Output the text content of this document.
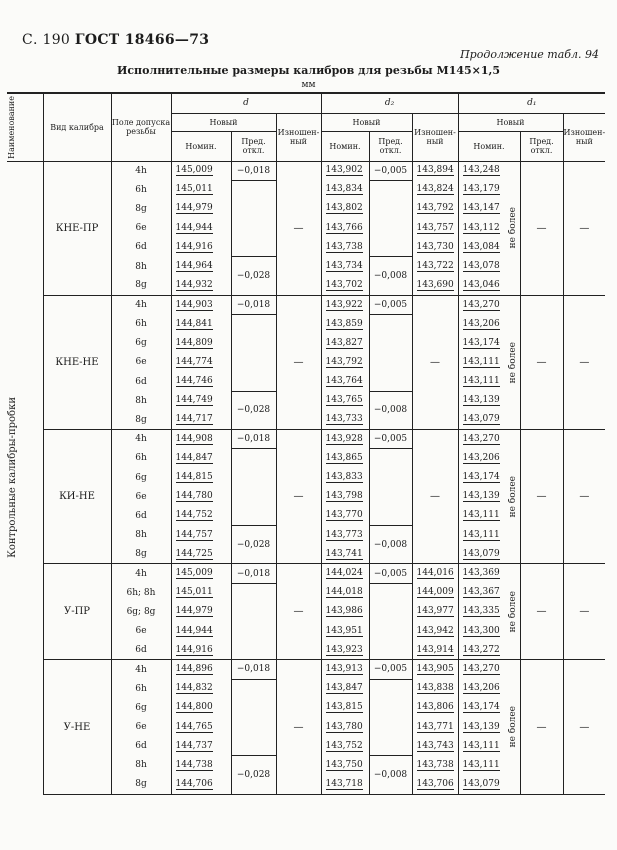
С. 190 ГОСТ 18466—73
Продолжение табл. 94
Исполнительные размеры калибров для резьбы М145×1,5
мм
Наименование	Вид калибра	Поле допуска резьбы	d			d₂			d₁			
			Новый		Изношенный	Новый		Изношенный	Новый			Изношенный
			Номин.	Пред. откл.		Номин.	Пред. откл.		Номин.		Пред. откл.	

Контрольные калибры-пробки	КНЕ-ПР	4h	145,009	−0,018	—	143,902	−0,005	143,894	143,248	не более	—	—
		6h	145,011			143,834		143,824	143,179			
		8g	144,979			143,802		143,792	143,147			
		6e	144,944			143,766		143,757	143,112			
		6d	144,916			143,738		143,730	143,084			
		8h	144,964	−0,028		143,734	−0,008	143,722	143,078			
		8g	144,932			143,702		143,690	143,046			
	КНЕ-НЕ	4h	144,903	−0,018	—	143,922	−0,005	—	143,270	не более	—	—
		6h	144,841			143,859			143,206			
		6g	144,809			143,827			143,174			
		6e	144,774			143,792			143,111			
		6d	144,746			143,764			143,111			
		8h	144,749	−0,028		143,765	−0,008		143,139			
		8g	144,717			143,733			143,079			
	КИ-НЕ	4h	144,908	−0,018	—	143,928	−0,005	—	143,270	не более	—	—
		6h	144,847			143,865			143,206			
		6g	144,815			143,833			143,174			
		6e	144,780			143,798			143,139			
		6d	144,752			143,770			143,111			
		8h	144,757	−0,028		143,773	−0,008		143,111			
		8g	144,725			143,741			143,079			
	У-ПР	4h	145,009	−0,018	—	144,024	−0,005	144,016	143,369	не более	—	—
		6h; 8h	145,011			144,018		144,009	143,367			
		6g; 8g	144,979			143,986		143,977	143,335			
		6e	144,944			143,951		143,942	143,300			
		6d	144,916			143,923		143,914	143,272			
	У-НЕ	4h	144,896	−0,018	—	143,913	−0,005	143,905	143,270	не более	—	—
		6h	144,832			143,847		143,838	143,206			
		6g	144,800			143,815		143,806	143,174			
		6e	144,765			143,780		143,771	143,139			
		6d	144,737			143,752		143,743	143,111			
		8h	144,738	−0,028		143,750	−0,008	143,738	143,111			
		8g	144,706			143,718		143,706	143,079			
